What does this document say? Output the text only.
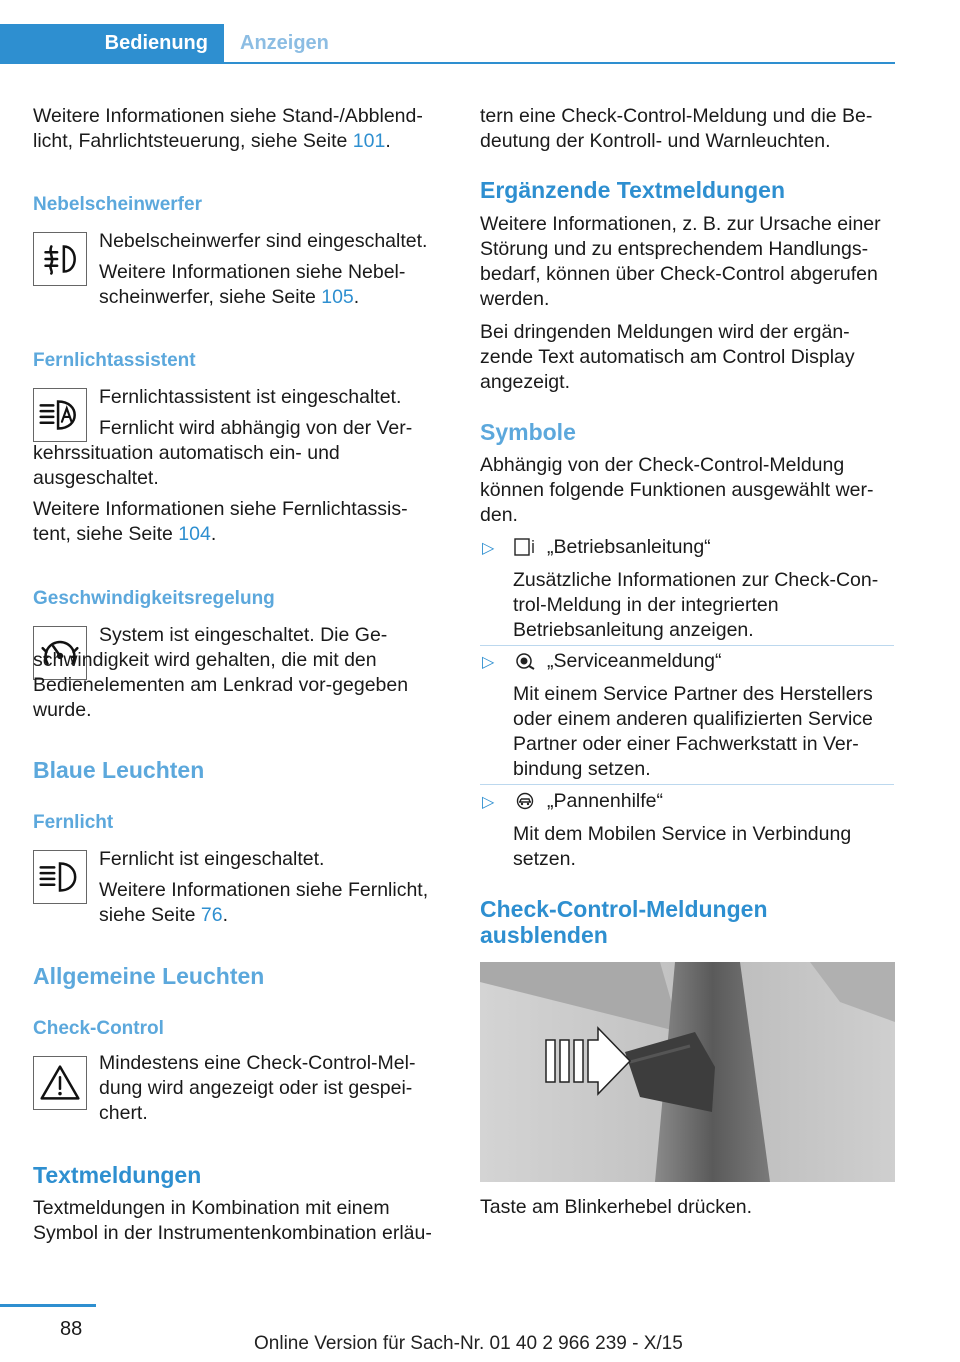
Bedienung	Anzeigen

Weitere Informationen siehe Stand-/Abblend-licht, Fahrlichtsteuerung, siehe Seite 101.

Nebelscheinwerfer

Nebelscheinwerfer sind eingeschaltet.

Weitere Informationen siehe Nebel-scheinwerfer, siehe Seite 105.

Fernlichtassistent

Fernlichtassistent ist eingeschaltet.

Fernlicht wird abhängig von der Ver-kehrssituation automatisch ein- und ausgeschaltet.

Weitere Informationen siehe Fernlichtassis-tent, siehe Seite 104.

Geschwindigkeitsregelung

System ist eingeschaltet. Die Ge-schwindigkeit wird gehalten, die mit den Bedienelementen am Lenkrad vor-gegeben wurde.

Blaue Leuchten
Fernlicht

Fernlicht ist eingeschaltet.

Weitere Informationen siehe Fernlicht, siehe Seite 76.

Allgemeine Leuchten
Check-Control

Mindestens eine Check-Control-Mel-dung wird angezeigt oder ist gespei-chert.

Textmeldungen

Textmeldungen in Kombination mit einem Symbol in der Instrumentenkombination erläu-

tern eine Check-Control-Meldung und die Be-deutung der Kontroll- und Warnleuchten.

Ergänzende Textmeldungen

Weitere Informationen, z. B. zur Ursache einer Störung und zu entsprechendem Handlungs-bedarf, können über Check-Control abgerufen werden.

Bei dringenden Meldungen wird der ergän-zende Text automatisch am Control Display angezeigt.

Symbole

Abhängig von der Check-Control-Meldung können folgende Funktionen ausgewählt wer-den.

▷	„Betriebsanleitung“

Zusätzliche Informationen zur Check-Con-trol-Meldung in der integrierten Betriebsanleitung anzeigen.

▷	„Serviceanmeldung“

Mit einem Service Partner des Herstellers oder einem anderen qualifizierten Service Partner oder einer Fachwerkstatt in Ver-bindung setzen.

▷	„Pannenhilfe“

Mit dem Mobilen Service in Verbindung setzen.

Check-Control-Meldungen ausblenden
Taste am Blinkerhebel drücken.
88
Online Version für Sach-Nr. 01 40 2 966 239 - X/15
